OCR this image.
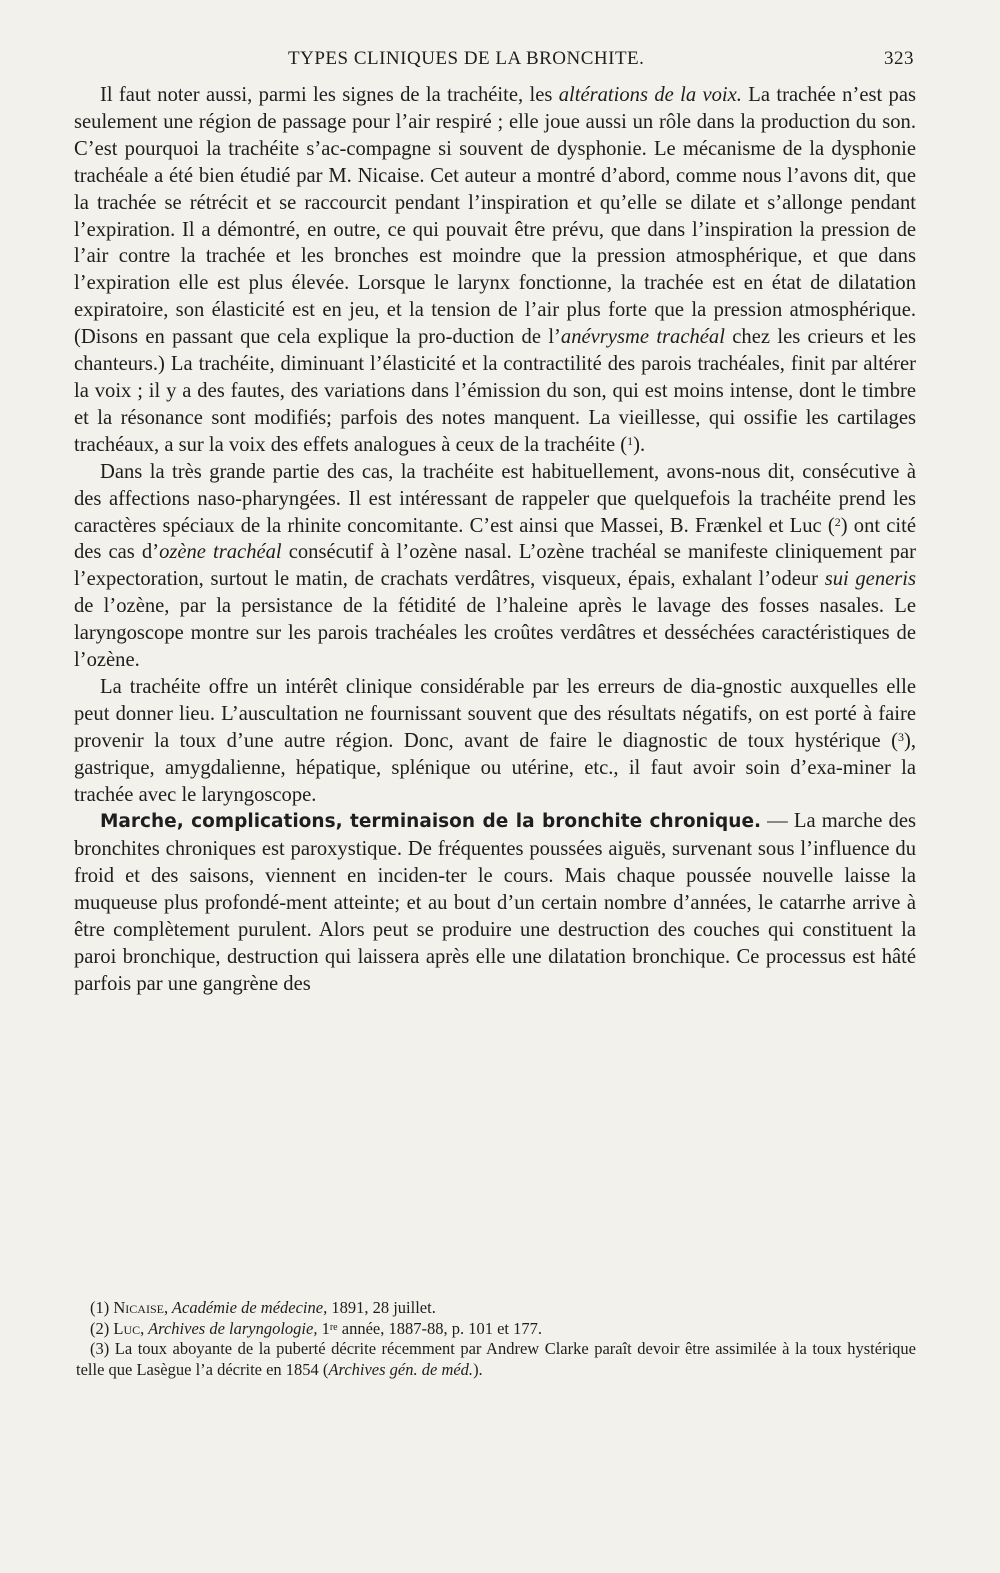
TYPES CLINIQUES DE LA BRONCHITE.	323

Il faut noter aussi, parmi les signes de la trachéite, les altérations de la voix. La trachée n’est pas seulement une région de passage pour l’air respiré ; elle joue aussi un rôle dans la production du son. C’est pourquoi la trachéite s’ac-compagne si souvent de dysphonie. Le mécanisme de la dysphonie trachéale a été bien étudié par M. Nicaise. Cet auteur a montré d’abord, comme nous l’avons dit, que la trachée se rétrécit et se raccourcit pendant l’inspiration et qu’elle se dilate et s’allonge pendant l’expiration. Il a démontré, en outre, ce qui pouvait être prévu, que dans l’inspiration la pression de l’air contre la trachée et les bronches est moindre que la pression atmosphérique, et que dans l’expiration elle est plus élevée. Lorsque le larynx fonctionne, la trachée est en état de dilatation expiratoire, son élasticité est en jeu, et la tension de l’air plus forte que la pression atmosphérique. (Disons en passant que cela explique la pro-duction de l’anévrysme trachéal chez les crieurs et les chanteurs.) La trachéite, diminuant l’élasticité et la contractilité des parois trachéales, finit par altérer la voix ; il y a des fautes, des variations dans l’émission du son, qui est moins intense, dont le timbre et la résonance sont modifiés; parfois des notes manquent. La vieillesse, qui ossifie les cartilages trachéaux, a sur la voix des effets analogues à ceux de la trachéite ($^1$).

Dans la très grande partie des cas, la trachéite est habituellement, avons-nous dit, consécutive à des affections naso-pharyngées. Il est intéressant de rappeler que quelquefois la trachéite prend les caractères spéciaux de la rhinite concomitante. C’est ainsi que Massei, B. Frænkel et Luc ($^2$) ont cité des cas d’ozène trachéal consécutif à l’ozène nasal. L’ozène trachéal se manifeste cliniquement par l’expectoration, surtout le matin, de crachats verdâtres, visqueux, épais, exhalant l’odeur sui generis de l’ozène, par la persistance de la fétidité de l’haleine après le lavage des fosses nasales. Le laryngoscope montre sur les parois trachéales les croûtes verdâtres et desséchées caractéristiques de l’ozène.

La trachéite offre un intérêt clinique considérable par les erreurs de dia-gnostic auxquelles elle peut donner lieu. L’auscultation ne fournissant souvent que des résultats négatifs, on est porté à faire provenir la toux d’une autre région. Donc, avant de faire le diagnostic de toux hystérique ($^3$), gastrique, amygdalienne, hépatique, splénique ou utérine, etc., il faut avoir soin d’exa-miner la trachée avec le laryngoscope.

Marche, complications, terminaison de la bronchite chronique. — La marche des bronchites chroniques est paroxystique. De fréquentes poussées aiguës, survenant sous l’influence du froid et des saisons, viennent en inciden-ter le cours. Mais chaque poussée nouvelle laisse la muqueuse plus profondé-ment atteinte; et au bout d’un certain nombre d’années, le catarrhe arrive à être complètement purulent. Alors peut se produire une destruction des couches qui constituent la paroi bronchique, destruction qui laissera après elle une dilatation bronchique. Ce processus est hâté parfois par une gangrène des

(1) Nicaise, Académie de médecine, 1891, 28 juillet.

(2) Luc, Archives de laryngologie, 1re année, 1887-88, p. 101 et 177.

(3) La toux aboyante de la puberté décrite récemment par Andrew Clarke paraît devoir être assimilée à la toux hystérique telle que Lasègue l’a décrite en 1854 (Archives gén. de méd.).
